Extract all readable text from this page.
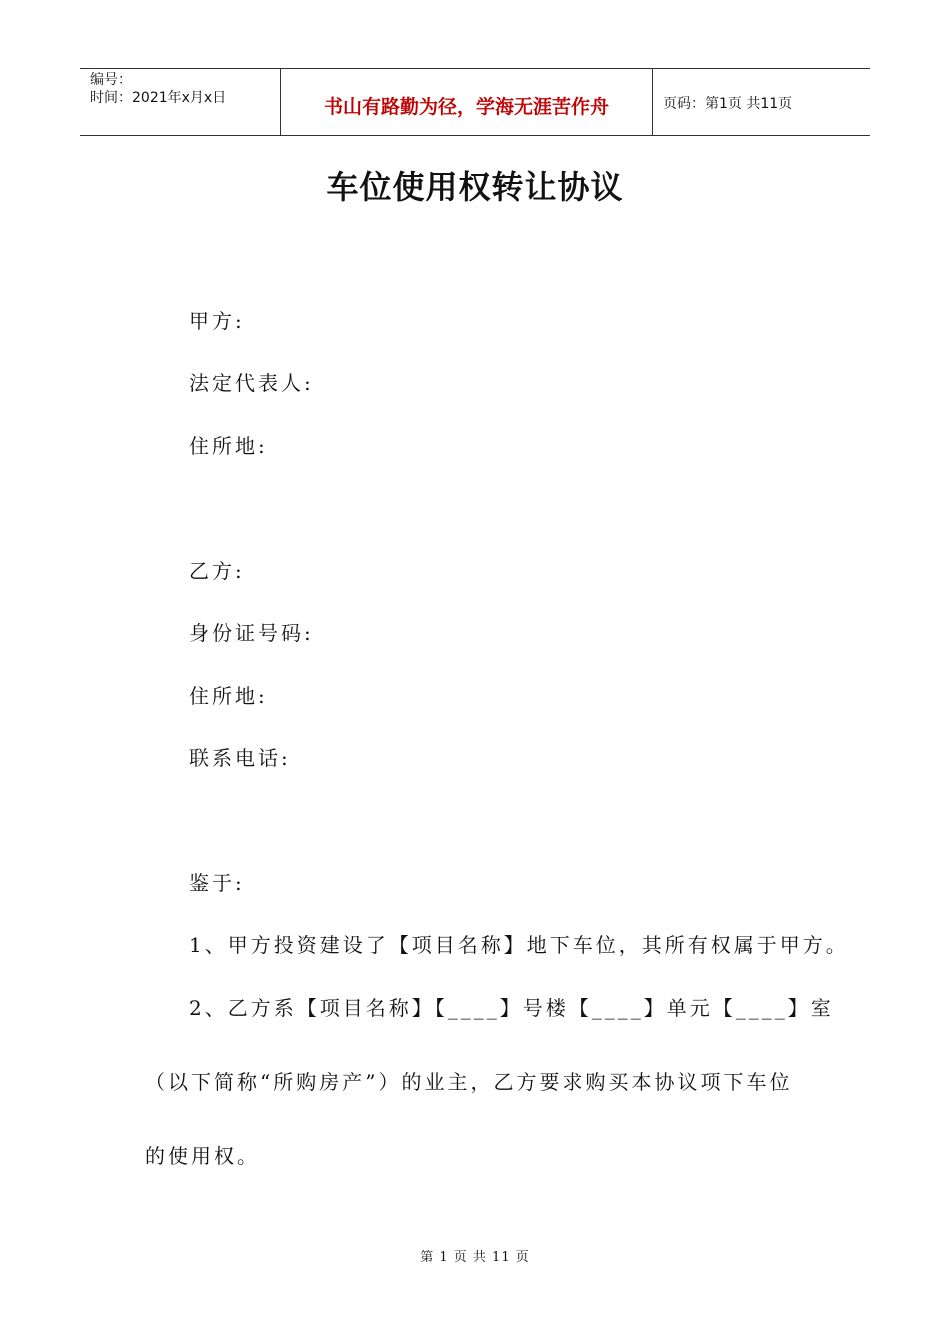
编号：
时间：2021年x月x日	书山有路勤为径，学海无涯苦作舟	页码：第1页 共11页
车位使用权转让协议
甲方:
法定代表人:
住所地:
乙方:
身份证号码:
住所地:
联系电话:
鉴于:
1、甲方投资建设了【项目名称】地下车位，其所有权属于甲方。
2、乙方系【项目名称】【____】号楼【____】单元【____】室
（以下简称“所购房产”）的业主，乙方要求购买本协议项下车位
的使用权。
第 1 页 共 11 页
